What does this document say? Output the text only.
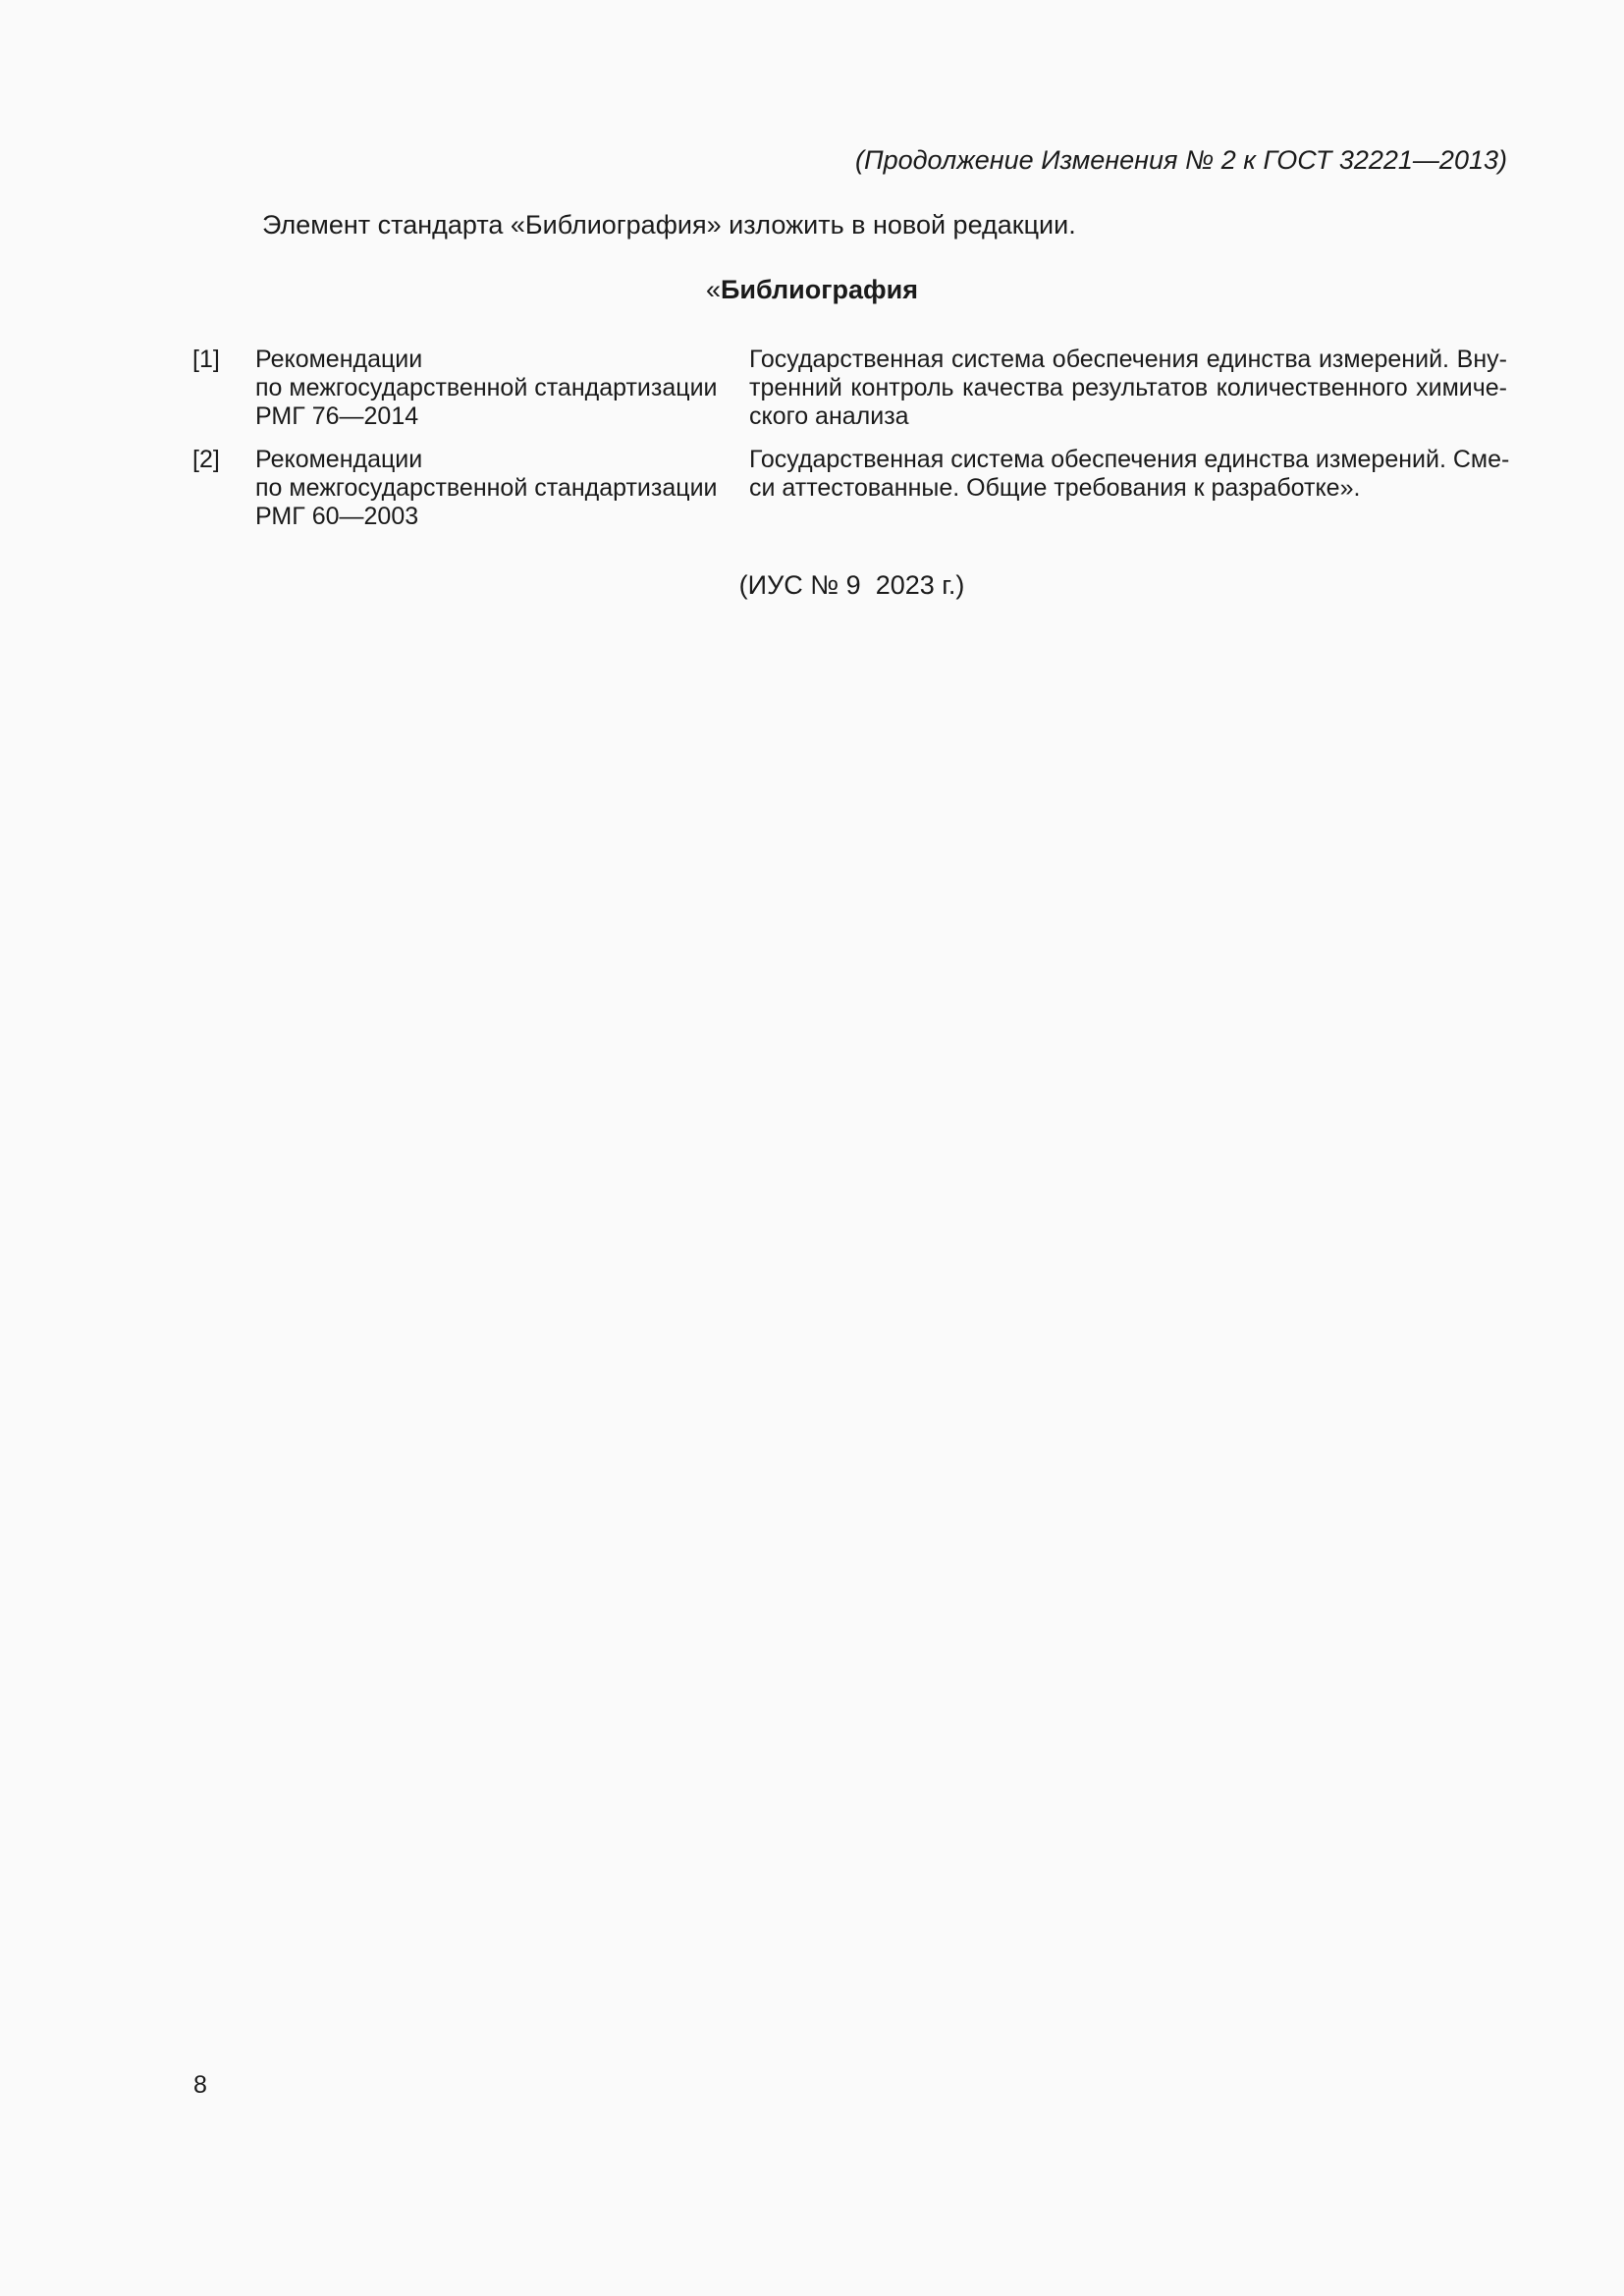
(Продолжение Изменения № 2 к ГОСТ 32221—2013)
Элемент стандарта «Библиография» изложить в новой редакции.
«Библиография
[1] Рекомендации
по межгосударственной стандартизации
РМГ 76—2014
Государственная система обеспечения единства измерений. Вну-
тренний контроль качества результатов количественного химиче-
ского анализа
[2] Рекомендации
по межгосударственной стандартизации
РМГ 60—2003
Государственная система обеспечения единства измерений. Сме-
си аттестованные. Общие требования к разработке».
(ИУС № 9  2023 г.)
8
